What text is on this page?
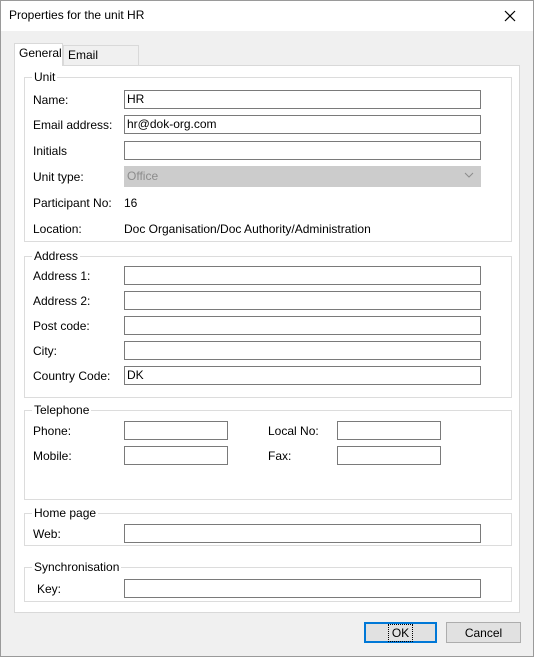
Properties for the unit HR
General Email
Unit
Name:	HR
Email address: hr@dok-org.com
Initials
Unit type:	Office
Participant No: 16
Location:	Doc Organisation/Doc Authority/Administration
Address
Address 1:
Address 2:
Post code:
City:
Country Code: DK
Telephone
Phone:	Local No:
Mobile:	Fax:
Home page
Web:
Synchronisation
Key:
OK	Cancel
